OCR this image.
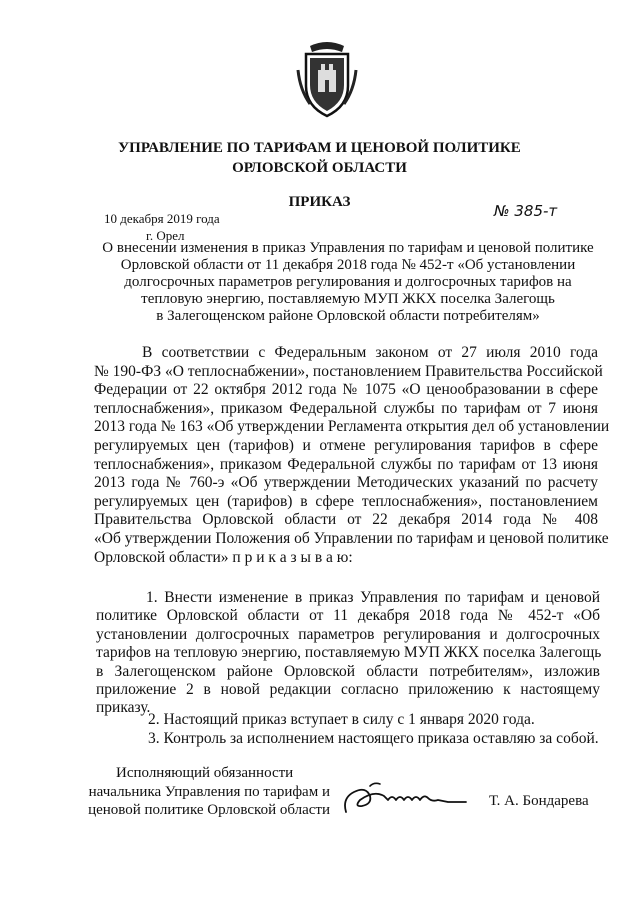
УПРАВЛЕНИЕ ПО ТАРИФАМ И ЦЕНОВОЙ ПОЛИТИКЕ
ОРЛОВСКОЙ ОБЛАСТИ
ПРИКАЗ
10 декабря 2019 года
г. Орел
№ 385-т
О внесении изменения в приказ Управления по тарифам и ценовой политике
Орловской области от 11 декабря 2018 года № 452-т «Об установлении
долгосрочных параметров регулирования и долгосрочных тарифов на
тепловую энергию, поставляемую МУП ЖКХ поселка Залегощь
в Залегощенском районе Орловской области потребителям»
В соответствии с Федеральным законом от 27 июля 2010 года
№ 190-ФЗ «О теплоснабжении», постановлением Правительства Российской
Федерации от 22 октября 2012 года № 1075 «О ценообразовании в сфере
теплоснабжения», приказом Федеральной службы по тарифам от 7 июня
2013 года № 163 «Об утверждении Регламента открытия дел об установлении
регулируемых цен (тарифов) и отмене регулирования тарифов в сфере
теплоснабжения», приказом Федеральной службы по тарифам от 13 июня
2013 года № 760-э «Об утверждении Методических указаний по расчету
регулируемых цен (тарифов) в сфере теплоснабжения», постановлением
Правительства Орловской области от 22 декабря 2014 года № 408
«Об утверждении Положения об Управлении по тарифам и ценовой политике
Орловской области» п р и к а з ы в а ю:
1. Внести изменение в приказ Управления по тарифам и ценовой
политике Орловской области от 11 декабря 2018 года № 452-т «Об
установлении долгосрочных параметров регулирования и долгосрочных
тарифов на тепловую энергию, поставляемую МУП ЖКХ поселка Залегощь
в Залегощенском районе Орловской области потребителям», изложив
приложение 2 в новой редакции согласно приложению к настоящему
приказу.
2. Настоящий приказ вступает в силу с 1 января 2020 года.
3. Контроль за исполнением настоящего приказа оставляю за собой.
Исполняющий обязанности
начальника Управления по тарифам и
ценовой политике Орловской области
Т. А. Бондарева
